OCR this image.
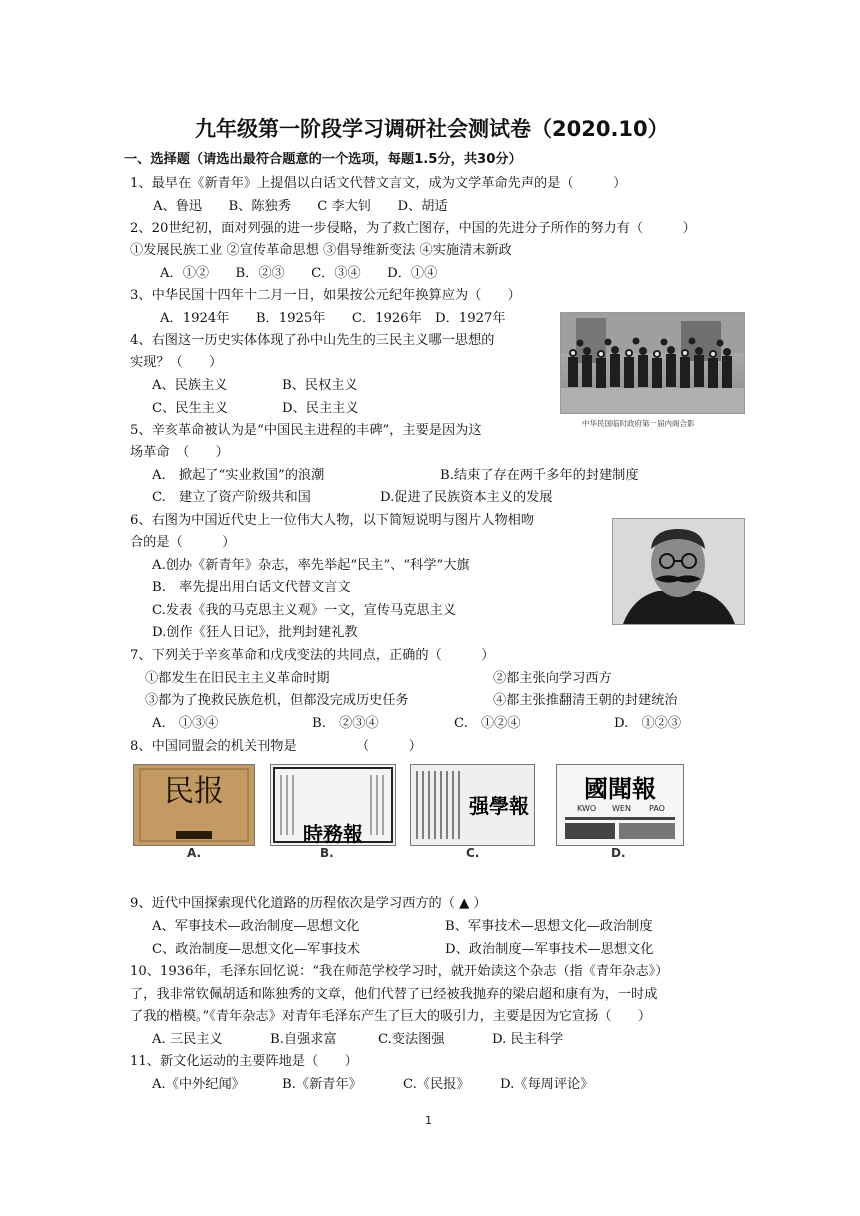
九年级第一阶段学习调研社会测试卷（2020.10）
一、选择题（请选出最符合题意的一个选项，每题1.5分，共30分）
1、最早在《新青年》上提倡以白话文代替文言文，成为文学革命先声的是（　　　）
A、鲁迅　　B、陈独秀　　C 李大钊　　D、胡适
2、20世纪初，面对列强的进一步侵略，为了救亡图存，中国的先进分子所作的努力有（　　　）
①发展民族工业 ②宣传革命思想 ③倡导维新变法 ④实施清末新政
A．①②　　B．②③　　C．③④　　D．①④
3、中华民国十四年十二月一日，如果按公元纪年换算应为（　　）
A．1924年　　B．1925年　　C．1926年　D．1927年
中华民国临时政府第一届内阁合影
4、右图这一历史实体体现了孙中山先生的三民主义哪一思想的
实现？（　　）
A、民族主义	B、民权主义
C、民生主义	D、民主主义
5、辛亥革命被认为是“中国民主进程的丰碑”，主要是因为这
场革命　（　　）
A.　掀起了“实业救国”的浪潮	B.结束了存在两千多年的封建制度
C.　建立了资产阶级共和国	D.促进了民族资本主义的发展
6、右图为中国近代史上一位伟大人物，以下简短说明与图片人物相吻
合的是（　　　）
A.创办《新青年》杂志，率先举起“民主”、“科学”大旗
B.　率先提出用白话文代替文言文
C.发表《我的马克思主义观》一文，宣传马克思主义
D.创作《狂人日记》，批判封建礼教
7、下列关于辛亥革命和戊戌变法的共同点，正确的（　　　）
①都发生在旧民主主义革命时期	②都主张向学习西方
③都为了挽救民族危机，但都没完成历史任务	④都主张推翻清王朝的封建统治
A.　①③④	B.　②③④	C.　①②④	D.　①②③
8、中国同盟会的机关刊物是　　　　　（　　　）
民报
A.
時務報
B.
强學報
C.
國聞報
KWO WEN PAO
D.
9、近代中国探索现代化道路的历程依次是学习西方的（ ▲ ）
A、军事技术—政治制度—思想文化	B、军事技术—思想文化—政治制度
C、政治制度—思想文化—军事技术	D、政治制度—军事技术—思想文化
10、1936年，毛泽东回忆说：“我在师范学校学习时，就开始读这个杂志（指《青年杂志》）
了，我非常钦佩胡适和陈独秀的文章，他们代替了已经被我抛弃的梁启超和康有为，一时成
了我的楷模。”《青年杂志》对青年毛泽东产生了巨大的吸引力，主要是因为它宣扬（　　）
A. 三民主义	B.自强求富	C.变法图强	D. 民主科学
11、新文化运动的主要阵地是（　　）
A.《中外纪闻》	B.《新青年》	C.《民报》 D.《每周评论》
1
